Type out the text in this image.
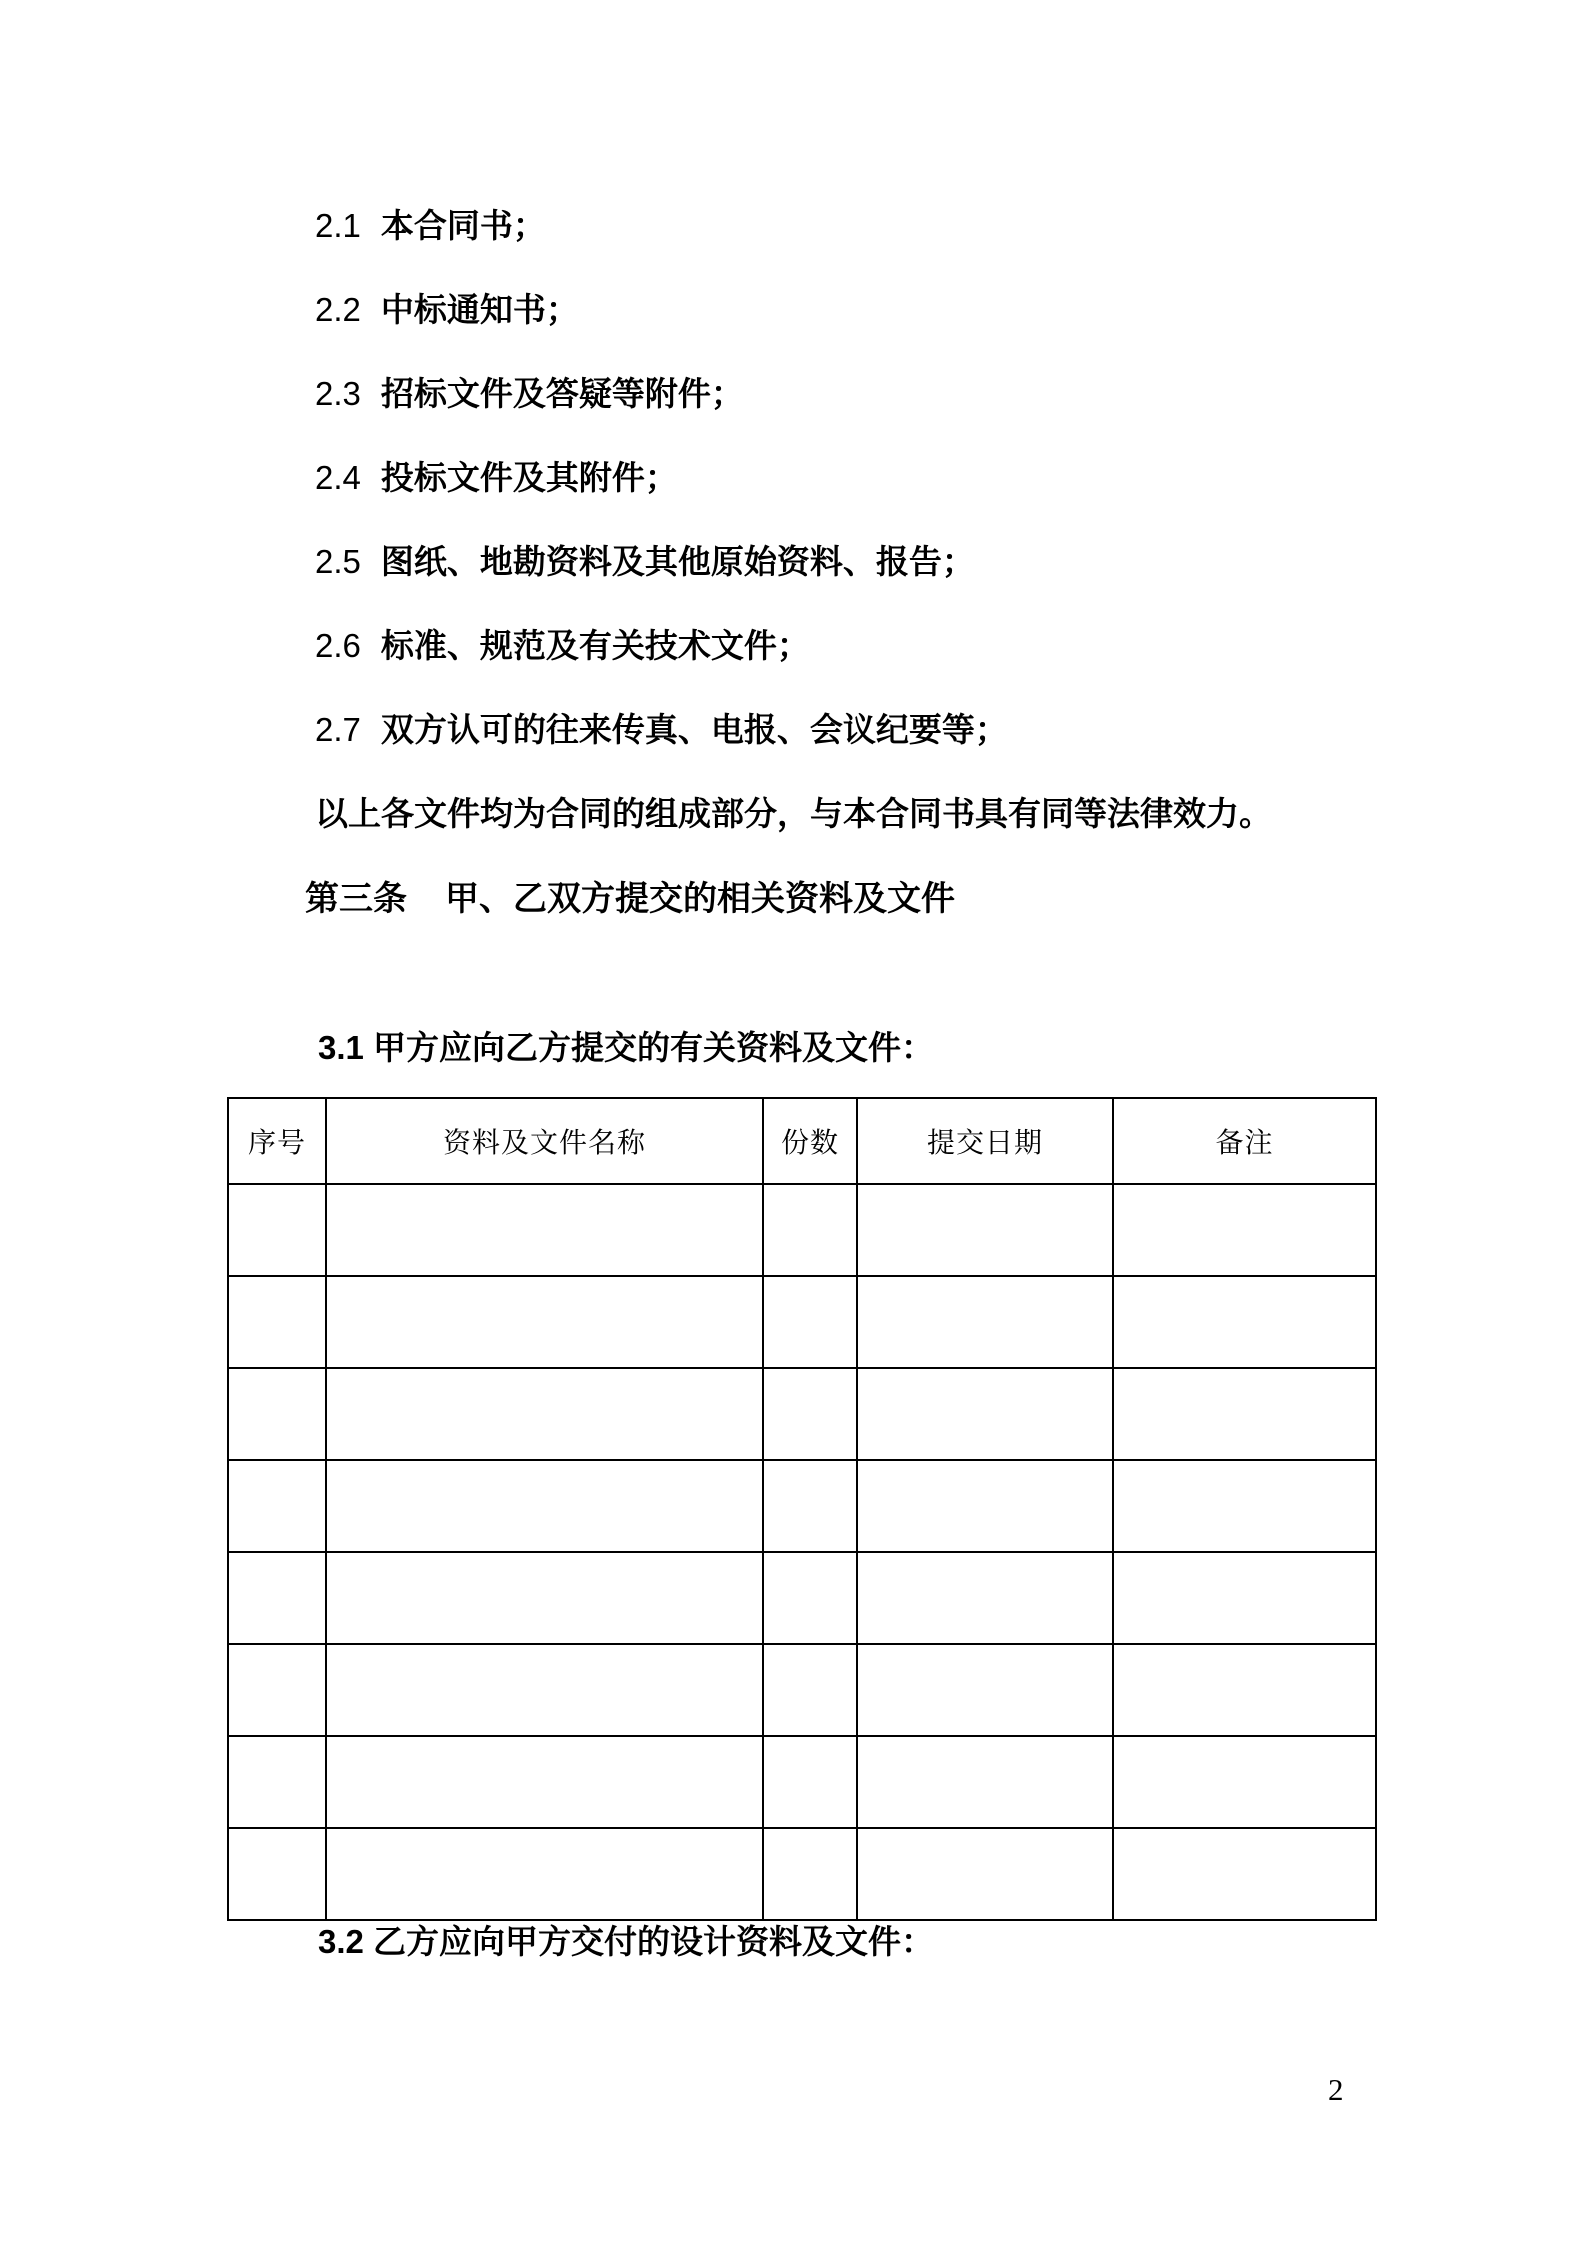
2.1 本合同书；
2.2 中标通知书；
2.3 招标文件及答疑等附件；
2.4 投标文件及其附件；
2.5 图纸、地勘资料及其他原始资料、报告；
2.6 标准、规范及有关技术文件；
2.7 双方认可的往来传真、电报、会议纪要等；
以上各文件均为合同的组成部分，与本合同书具有同等法律效力。
第三条 甲、乙双方提交的相关资料及文件
3.1 甲方应向乙方提交的有关资料及文件：
序号	资料及文件名称	份数	提交日期	备注

3.2 乙方应向甲方交付的设计资料及文件：
2
